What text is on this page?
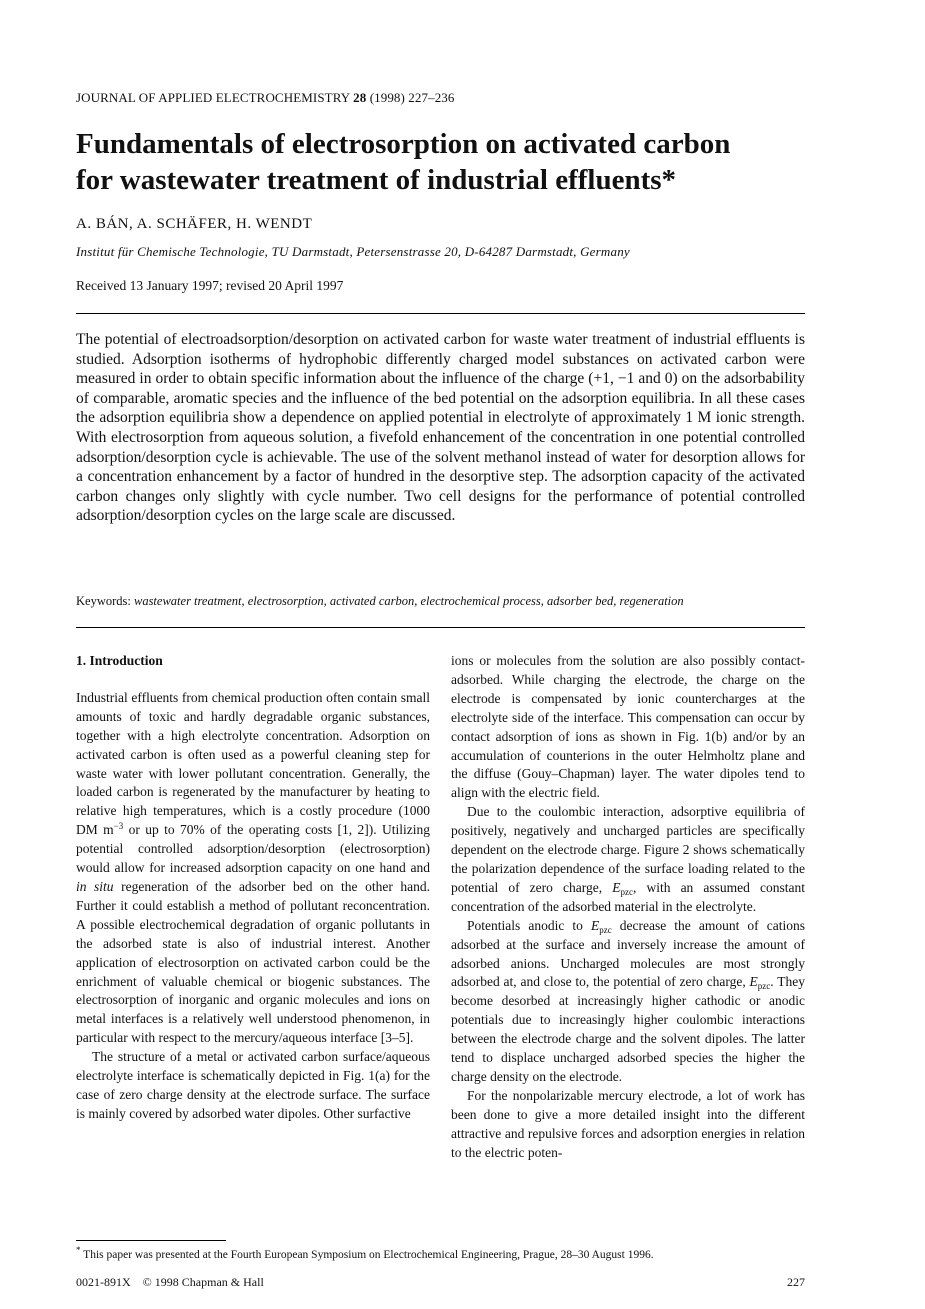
JOURNAL OF APPLIED ELECTROCHEMISTRY 28 (1998) 227–236
Fundamentals of electrosorption on activated carbon
for wastewater treatment of industrial effluents*
A. BÁN, A. SCHÄFER, H. WENDT
Institut für Chemische Technologie, TU Darmstadt, Petersenstrasse 20, D-64287 Darmstadt, Germany
Received 13 January 1997; revised 20 April 1997
The potential of electroadsorption/desorption on activated carbon for waste water treatment of industrial effluents is studied. Adsorption isotherms of hydrophobic differently charged model substances on activated carbon were measured in order to obtain specific information about the influence of the charge (+1, −1 and 0) on the adsorbability of comparable, aromatic species and the influence of the bed potential on the adsorption equilibria. In all these cases the adsorption equilibria show a dependence on applied potential in electrolyte of approximately 1 M ionic strength. With electrosorption from aqueous solution, a fivefold enhancement of the concentration in one potential controlled adsorption/desorption cycle is achievable. The use of the solvent methanol instead of water for desorption allows for a concentration enhancement by a factor of hundred in the desorptive step. The adsorption capacity of the activated carbon changes only slightly with cycle number. Two cell designs for the performance of potential controlled adsorption/desorption cycles on the large scale are discussed.
Keywords: wastewater treatment, electrosorption, activated carbon, electrochemical process, adsorber bed, regeneration
1. Introduction

Industrial effluents from chemical production often contain small amounts of toxic and hardly degradable organic substances, together with a high electrolyte concentration. Adsorption on activated carbon is often used as a powerful cleaning step for waste water with lower pollutant concentration. Generally, the loaded carbon is regenerated by the manufacturer by heating to relative high temperatures, which is a costly procedure (1000 DM $m^{-3}$ or up to 70% of the operating costs [1, 2]). Utilizing potential controlled adsorption/desorption (electrosorption) would allow for increased adsorption capacity on one hand and in situ regeneration of the adsorber bed on the other hand. Further it could establish a method of pollutant reconcentration. A possible electrochemical degradation of organic pollutants in the adsorbed state is also of industrial interest. Another application of electrosorption on activated carbon could be the enrichment of valuable chemical or biogenic substances. The electrosorption of inorganic and organic molecules and ions on metal interfaces is a relatively well understood phenomenon, in particular with respect to the mercury/aqueous interface [3–5].

The structure of a metal or activated carbon surface/aqueous electrolyte interface is schematically depicted in Fig. 1(a) for the case of zero charge density at the electrode surface. The surface is mainly covered by adsorbed water dipoles. Other surfactive

ions or molecules from the solution are also possibly contact-adsorbed. While charging the electrode, the charge on the electrode is compensated by ionic countercharges at the electrolyte side of the interface. This compensation can occur by contact adsorption of ions as shown in Fig. 1(b) and/or by an accumulation of counterions in the outer Helmholtz plane and the diffuse (Gouy–Chapman) layer. The water dipoles tend to align with the electric field.

Due to the coulombic interaction, adsorptive equilibria of positively, negatively and uncharged particles are specifically dependent on the electrode charge. Figure 2 shows schematically the polarization dependence of the surface loading related to the potential of zero charge, $E_{pzc}$, with an assumed constant concentration of the adsorbed material in the electrolyte.

Potentials anodic to $E_{pzc}$ decrease the amount of cations adsorbed at the surface and inversely increase the amount of adsorbed anions. Uncharged molecules are most strongly adsorbed at, and close to, the potential of zero charge, $E_{pzc}$. They become desorbed at increasingly higher cathodic or anodic potentials due to increasingly higher coulombic interactions between the electrode charge and the solvent dipoles. The latter tend to displace uncharged adsorbed species the higher the charge density on the electrode.

For the nonpolarizable mercury electrode, a lot of work has been done to give a more detailed insight into the different attractive and repulsive forces and adsorption energies in relation to the electric poten-

* This paper was presented at the Fourth European Symposium on Electrochemical Engineering, Prague, 28–30 August 1996.
0021-891X © 1998 Chapman & Hall	227
